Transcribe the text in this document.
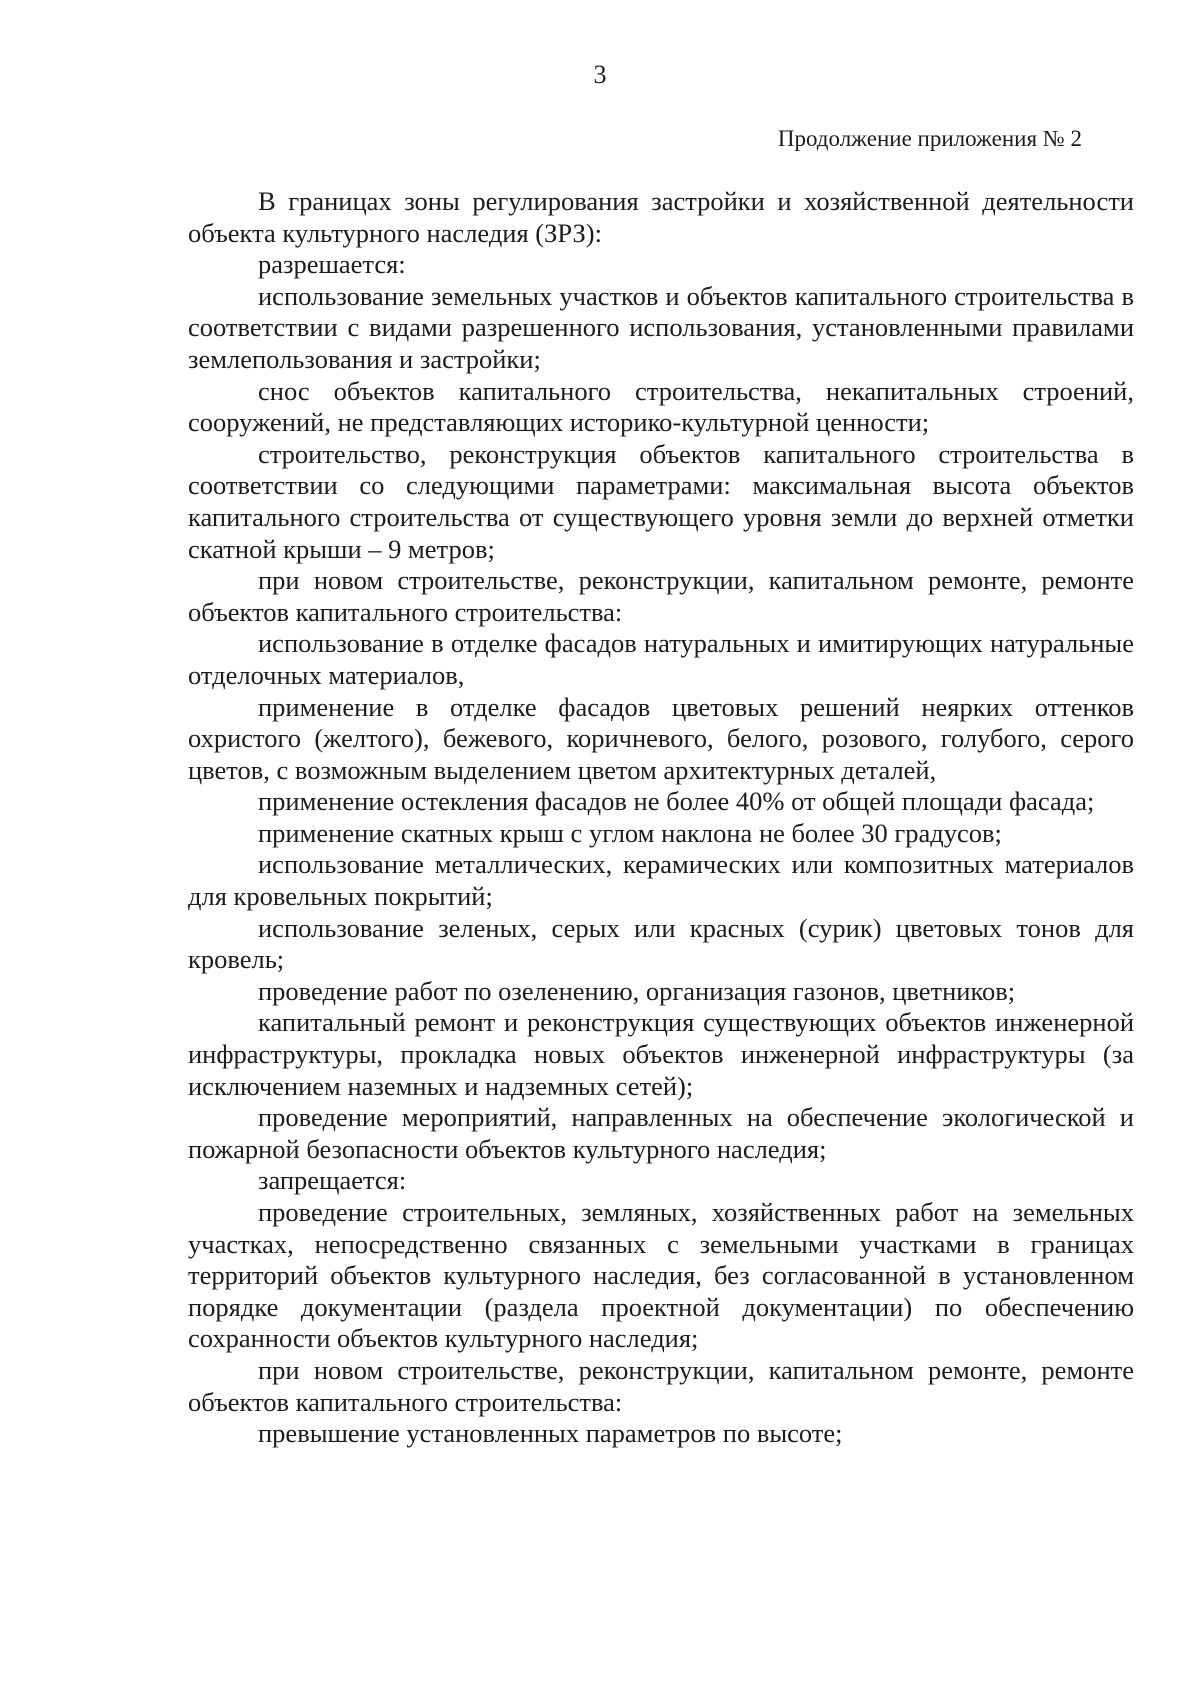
3
Продолжение приложения № 2

В границах зоны регулирования застройки и хозяйственной деятельности объекта культурного наследия (ЗРЗ):

разрешается:

использование земельных участков и объектов капитального строительства в соответствии с видами разрешенного использования, установленными правилами землепользования и застройки;

снос объектов капитального строительства, некапитальных строений, сооружений, не представляющих историко-культурной ценности;

строительство, реконструкция объектов капитального строительства в соответствии со следующими параметрами: максимальная высота объектов капитального строительства от существующего уровня земли до верхней отметки скатной крыши – 9 метров;

при новом строительстве, реконструкции, капитальном ремонте, ремонте объектов капитального строительства:

использование в отделке фасадов натуральных и имитирующих натуральные отделочных материалов,

применение в отделке фасадов цветовых решений неярких оттенков охристого (желтого), бежевого, коричневого, белого, розового, голубого, серого цветов, с возможным выделением цветом архитектурных деталей,

применение остекления фасадов не более 40% от общей площади фасада;

применение скатных крыш с углом наклона не более 30 градусов;

использование металлических, керамических или композитных материалов для кровельных покрытий;

использование зеленых, серых или красных (сурик) цветовых тонов для кровель;

проведение работ по озеленению, организация газонов, цветников;

капитальный ремонт и реконструкция существующих объектов инженерной инфраструктуры, прокладка новых объектов инженерной инфраструктуры (за исключением наземных и надземных сетей);

проведение мероприятий, направленных на обеспечение экологической и пожарной безопасности объектов культурного наследия;

запрещается:

проведение строительных, земляных, хозяйственных работ на земельных участках, непосредственно связанных с земельными участками в границах территорий объектов культурного наследия, без согласованной в установленном порядке документации (раздела проектной документации) по обеспечению сохранности объектов культурного наследия;

при новом строительстве, реконструкции, капитальном ремонте, ремонте объектов капитального строительства:

превышение установленных параметров по высоте;
